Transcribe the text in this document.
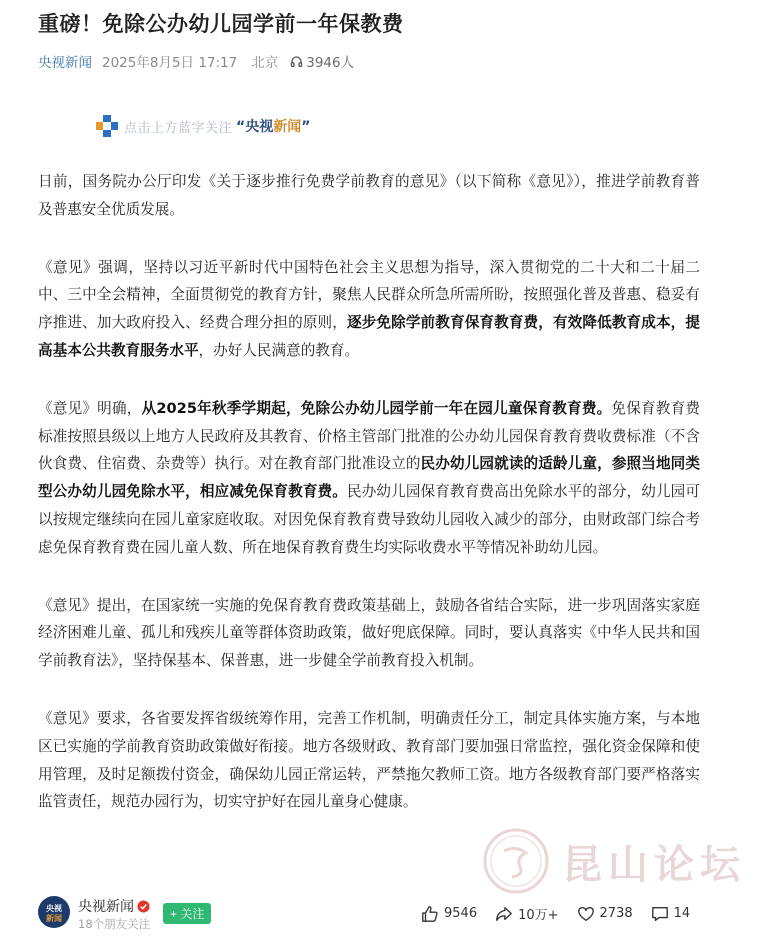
重磅！免除公办幼儿园学前一年保教费
央视新闻 2025年8月5日 17:17 北京 3946人
点击上方蓝字关注 “央视新闻”

日前，国务院办公厅印发《关于逐步推行免费学前教育的意见》（以下简称《意见》），推进学前教育普及普惠安全优质发展。

《意见》强调，坚持以习近平新时代中国特色社会主义思想为指导，深入贯彻党的二十大和二十届二中、三中全会精神，全面贯彻党的教育方针，聚焦人民群众所急所需所盼，按照强化普及普惠、稳妥有序推进、加大政府投入、经费合理分担的原则，逐步免除学前教育保育教育费，有效降低教育成本，提高基本公共教育服务水平，办好人民满意的教育。

《意见》明确，从2025年秋季学期起，免除公办幼儿园学前一年在园儿童保育教育费。免保育教育费标准按照县级以上地方人民政府及其教育、价格主管部门批准的公办幼儿园保育教育费收费标准（不含伙食费、住宿费、杂费等）执行。对在教育部门批准设立的民办幼儿园就读的适龄儿童，参照当地同类型公办幼儿园免除水平，相应减免保育教育费。民办幼儿园保育教育费高出免除水平的部分，幼儿园可以按规定继续向在园儿童家庭收取。对因免保育教育费导致幼儿园收入减少的部分，由财政部门综合考虑免保育教育费在园儿童人数、所在地保育教育费生均实际收费水平等情况补助幼儿园。

《意见》提出，在国家统一实施的免保育教育费政策基础上，鼓励各省结合实际，进一步巩固落实家庭经济困难儿童、孤儿和残疾儿童等群体资助政策，做好兜底保障。同时，要认真落实《中华人民共和国学前教育法》，坚持保基本、保普惠，进一步健全学前教育投入机制。

《意见》要求，各省要发挥省级统筹作用，完善工作机制，明确责任分工，制定具体实施方案，与本地区已实施的学前教育资助政策做好衔接。地方各级财政、教育部门要加强日常监控，强化资金保障和使用管理，及时足额拨付资金，确保幼儿园正常运转，严禁拖欠教师工资。地方各级教育部门要严格落实监管责任，规范办园行为，切实守护好在园儿童身心健康。

昆山论坛
央视
新闻
央视新闻
18个朋友关注
+ 关注	9546	10万+	2738	14
